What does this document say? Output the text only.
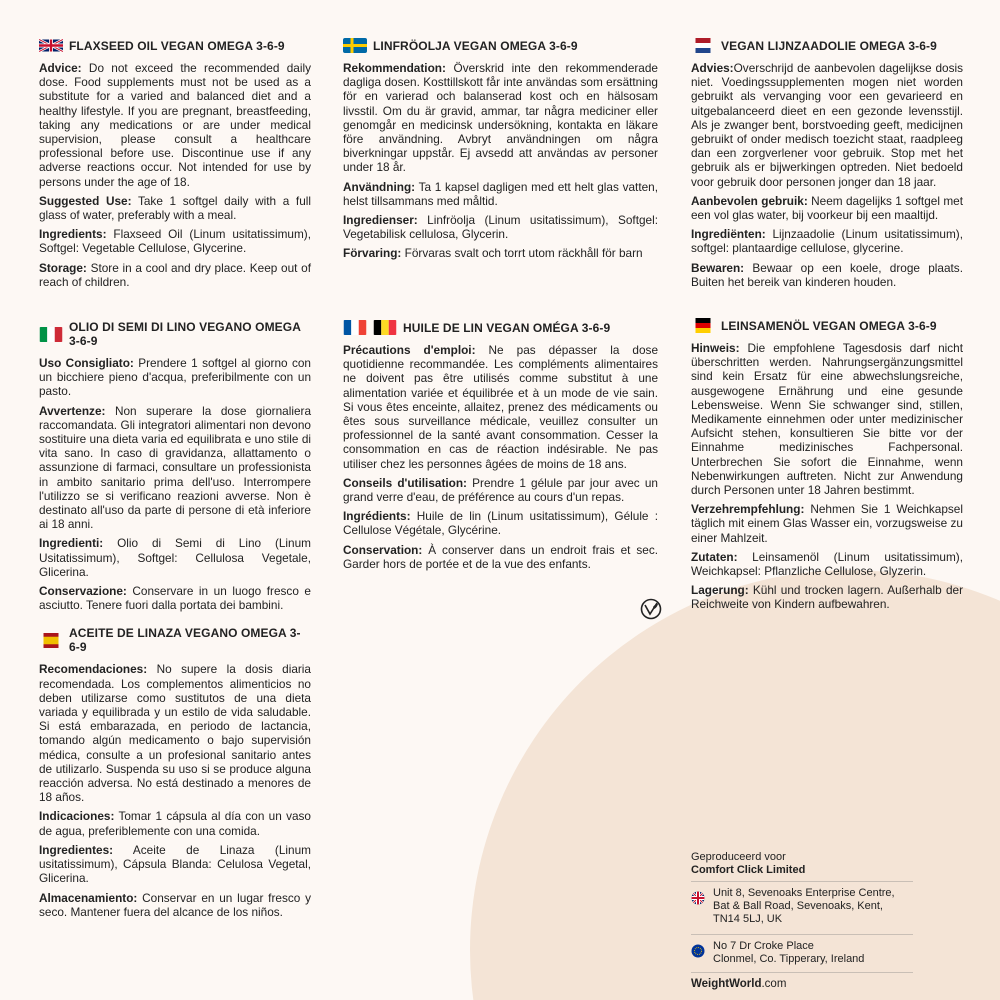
FLAXSEED OIL VEGAN OMEGA 3-6-9

Advice: Do not exceed the recommended daily dose. Food supplements must not be used as a substitute for a varied and balanced diet and a healthy lifestyle. If you are pregnant, breastfeeding, taking any medications or are under medical supervision, please consult a healthcare professional before use. Discontinue use if any adverse reactions occur. Not intended for use by persons under the age of 18.

Suggested Use: Take 1 softgel daily with a full glass of water, preferably with a meal.

Ingredients: Flaxseed Oil (Linum usitatissimum), Softgel: Vegetable Cellulose, Glycerine.

Storage: Store in a cool and dry place. Keep out of reach of children.

OLIO DI SEMI DI LINO VEGANO OMEGA 3-6-9

Uso Consigliato: Prendere 1 softgel al giorno con un bicchiere pieno d'acqua, preferibilmente con un pasto.

Avvertenze: Non superare la dose giornaliera raccomandata. Gli integratori alimentari non devono sostituire una dieta varia ed equilibrata e uno stile di vita sano. In caso di gravidanza, allattamento o assunzione di farmaci, consultare un professionista in ambito sanitario prima dell'uso. Interrompere l'utilizzo se si verificano reazioni avverse. Non è destinato all'uso da parte di persone di età inferiore ai 18 anni.

Ingredienti: Olio di Semi di Lino (Linum Usitatissimum), Softgel: Cellulosa Vegetale, Glicerina.

Conservazione: Conservare in un luogo fresco e asciutto. Tenere fuori dalla portata dei bambini.

ACEITE DE LINAZA VEGANO OMEGA 3-6-9

Recomendaciones: No supere la dosis diaria recomendada. Los complementos alimenticios no deben utilizarse como sustitutos de una dieta variada y equilibrada y un estilo de vida saludable. Si está embarazada, en periodo de lactancia, tomando algún medicamento o bajo supervisión médica, consulte a un profesional sanitario antes de utilizarlo. Suspenda su uso si se produce alguna reacción adversa. No está destinado a menores de 18 años.

Indicaciones: Tomar 1 cápsula al día con un vaso de agua, preferiblemente con una comida.

Ingredientes: Aceite de Linaza (Linum usitatissimum), Cápsula Blanda: Celulosa Vegetal, Glicerina.

Almacenamiento: Conservar en un lugar fresco y seco. Mantener fuera del alcance de los niños.

LINFRÖOLJA VEGAN OMEGA 3-6-9

Rekommendation: Överskrid inte den rekommenderade dagliga dosen. Kosttillskott får inte användas som ersättning för en varierad och balanserad kost och en hälsosam livsstil. Om du är gravid, ammar, tar några mediciner eller genomgår en medicinsk undersökning, kontakta en läkare före användning. Avbryt användningen om några biverkningar uppstår. Ej avsedd att användas av personer under 18 år.

Användning: Ta 1 kapsel dagligen med ett helt glas vatten, helst tillsammans med måltid.

Ingredienser: Linfröolja (Linum usitatissimum), Softgel: Vegetabilisk cellulosa, Glycerin.

Förvaring: Förvaras svalt och torrt utom räckhåll för barn

HUILE DE LIN VEGAN OMÉGA 3-6-9

Précautions d'emploi: Ne pas dépasser la dose quotidienne recommandée. Les compléments alimentaires ne doivent pas être utilisés comme substitut à une alimentation variée et équilibrée et à un mode de vie sain. Si vous êtes enceinte, allaitez, prenez des médicaments ou êtes sous surveillance médicale, veuillez consulter un professionnel de la santé avant consommation. Cesser la consommation en cas de réaction indésirable. Ne pas utiliser chez les personnes âgées de moins de 18 ans.

Conseils d'utilisation: Prendre 1 gélule par jour avec un grand verre d'eau, de préférence au cours d'un repas.

Ingrédients: Huile de lin (Linum usitatissimum), Gélule : Cellulose Végétale, Glycérine.

Conservation: À conserver dans un endroit frais et sec. Garder hors de portée et de la vue des enfants.

VEGAN LIJNZAADOLIE OMEGA 3-6-9

Advies:Overschrijd de aanbevolen dagelijkse dosis niet. Voedingssupplementen mogen niet worden gebruikt als vervanging voor een gevarieerd en uitgebalanceerd dieet en een gezonde levensstijl. Als je zwanger bent, borstvoeding geeft, medicijnen gebruikt of onder medisch toezicht staat, raadpleeg dan een zorgverlener voor gebruik. Stop met het gebruik als er bijwerkingen optreden. Niet bedoeld voor gebruik door personen jonger dan 18 jaar.

Aanbevolen gebruik: Neem dagelijks 1 softgel met een vol glas water, bij voorkeur bij een maaltijd.

Ingrediënten: Lijnzaadolie (Linum usitatissimum), softgel: plantaardige cellulose, glycerine.

Bewaren: Bewaar op een koele, droge plaats. Buiten het bereik van kinderen houden.

LEINSAMENÖL VEGAN OMEGA 3-6-9

Hinweis: Die empfohlene Tagesdosis darf nicht überschritten werden. Nahrungsergänzungsmittel sind kein Ersatz für eine abwechslungsreiche, ausgewogene Ernährung und eine gesunde Lebensweise. Wenn Sie schwanger sind, stillen, Medikamente einnehmen oder unter medizinischer Aufsicht stehen, konsultieren Sie bitte vor der Einnahme medizinisches Fachpersonal. Unterbrechen Sie sofort die Einnahme, wenn Nebenwirkungen auftreten. Nicht zur Anwendung durch Personen unter 18 Jahren bestimmt.

Verzehrempfehlung: Nehmen Sie 1 Weichkapsel täglich mit einem Glas Wasser ein, vorzugsweise zu einer Mahlzeit.

Zutaten: Leinsamenöl (Linum usitatissimum), Weichkapsel: Pflanzliche Cellulose, Glyzerin.

Lagerung: Kühl und trocken lagern. Außerhalb der Reichweite von Kindern aufbewahren.

Geproduceerd voor
Comfort Click Limited
Unit 8, Sevenoaks Enterprise Centre,
Bat & Ball Road, Sevenoaks, Kent,
TN14 5LJ, UK
No 7 Dr Croke Place
Clonmel, Co. Tipperary, Ireland
WeightWorld.com
